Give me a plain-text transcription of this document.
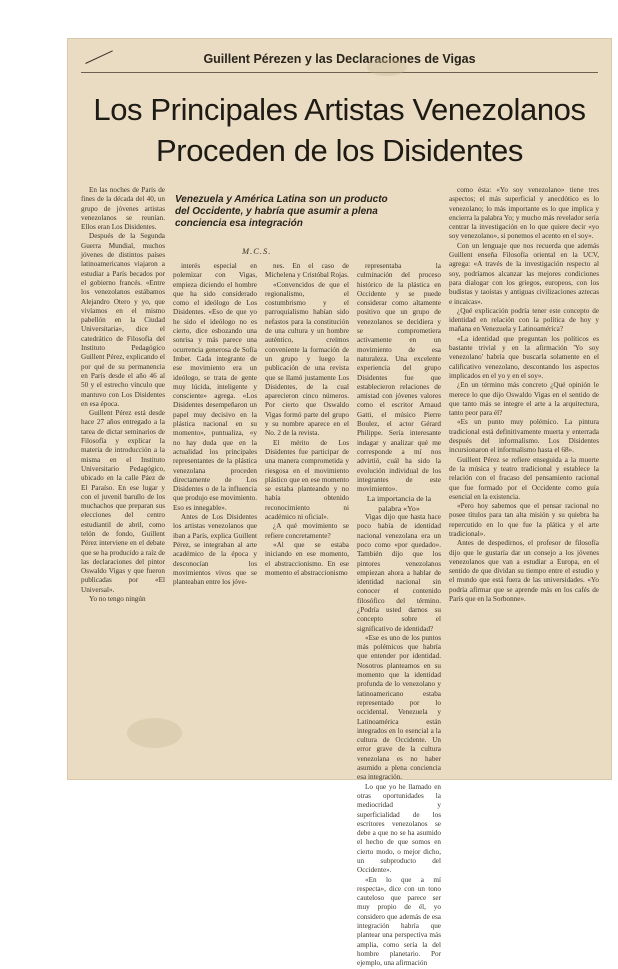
Guillent Pérezen y las Declaraciones de Vigas
Los Principales Artistas Venezolanos
Proceden de los Disidentes
Venezuela y América Latina son un producto del Occidente, y habría que asumir a plena conciencia esa integración
M.C.S.

En las noches de París de fines de la década del 40, un grupo de jóvenes artistas venezolanos se reunían. Ellos eran Los Disidentes.

Después de la Segunda Guerra Mundial, muchos jóvenes de distintos países latinoamericanos viajaron a estudiar a París becados por el gobierno francés. «Entre los venezolanos estábamos Alejandro Otero y yo, que vivíamos en el mismo pabellón en la Ciudad Universitaria», dice el catedrático de Filosofía del Instituto Pedagógico Guillent Pérez, explicando el por qué de su permanencia en París desde el año 46 al 50 y el estrecho vínculo que mantuvo con Los Disidentes en esa época.

Guillent Pérez está desde hace 27 años entregado a la tarea de dictar seminarios de Filosofía y explicar la materia de introducción a la misma en el Instituto Universitario Pedagógico, ubicado en la calle Páez de El Paraíso. En ese lugar y con el juvenil barullo de los muchachos que preparan sus elecciones del centro estudiantil de abril, como telón de fondo, Guillent Pérez interviene en el debate que se ha producido a raíz de las declaraciones del pintor Oswaldo Vigas y que fueron publicadas por «El Universal».

Yo no tengo ningún

interés especial en polemizar con Vigas, empieza diciendo el hombre que ha sido considerado como el ideólogo de Los Disidentes. «Eso de que yo he sido el ideólogo no es cierto, dice esbozando una sonrisa y más parece una ocurrencia generosa de Sofía Imber. Cada integrante de ese movimiento era un ideólogo, se trata de gente muy lúcida, inteligente y consciente» agrega. «Los Disidentes desempeñaron un papel muy decisivo en la plástica nacional en su momento», puntualiza, «y no hay duda que en la actualidad los principales representantes de la plástica venezolana proceden directamente de Los Disidentes o de la influencia que produjo ese movimiento. Eso es innegable».

Antes de Los Disidentes los artistas venezolanos que iban a París, explica Guillent Pérez, se integraban al arte académico de la época y desconocían los movimientos vivos que se planteaban entre los jóve-

nes. En el caso de Michelena y Cristóbal Rojas.

«Convencidos de que el regionalismo, el costumbrismo y el parroquialismo habían sido nefastos para la constitución de una cultura y un hombre auténtico, creímos conveniente la formación de un grupo y luego la publicación de una revista que se llamó justamente Los Disidentes, de la cual aparecieron cinco números. Por cierto que Oswaldo Vigas formó parte del grupo y su nombre aparece en el No. 2 de la revista.

El mérito de Los Disidentes fue participar de una manera comprometida y riesgosa en el movimiento plástico que en ese momento se estaba planteando y no había obtenido reconocimiento ni académico ni oficial».

¿A qué movimiento se refiere concretamente?

«Al que se estaba iniciando en ese momento, el abstraccionismo. En ese momento el abstraccionismo

representaba la culminación del proceso histórico de la plástica en Occidente y se puede considerar como altamente positivo que un grupo de venezolanos se decidiera y se comprometiera activamente en un movimiento de esa naturaleza. Una excelente experiencia del grupo Disidentes fue que establecieron relaciones de amistad con jóvenes valores como el escritor Arnaud Gatti, el músico Pierre Boulez, el actor Gérard Philippe. Sería interesante indagar y analizar qué me corresponde a mí nos advirtió, cuál ha sido la evolución individual de los integrantes de este movimiento».

La importancia de la palabra «Yo»

Vigas dijo que hasta hace poco había de identidad nacional venezolana era un poco como «por quedado». También dijo que los pintores venezolanos empiezan ahora a hablar de identidad nacional sin conocer el contenido filosófico del término. ¿Podría usted darnos su concepto sobre el significativo de identidad?

«Ese es uno de los puntos más polémicos que habría que entender por identidad. Nosotros planteamos en su momento que la identidad profunda de lo venezolano y latinoamericano estaba representado por lo occidental. Venezuela y Latinoamérica están integrados en lo esencial a la cultura de Occidente. Un error grave de la cultura venezolana es no haber asumido a plena conciencia esa integración.

Lo que yo he llamado en otras oportunidades la mediocridad y superficialidad de los escritores venezolanos se debe a que no se ha asumido el hecho de que somos en cierto modo, o mejor dicho, un subproducto del Occidente».

«En lo que a mí respecta», dice con un tono cauteloso que parece ser muy propio de él, yo considero que además de esa integración habría que plantear una perspectiva más amplia, como sería la del hombre planetario. Por ejemplo, una afirmación

como ésta: «Yo soy venezolano» tiene tres aspectos; el más superficial y anecdótico es lo venezolano; lo más importante es lo que implica y encierra la palabra Yo; y mucho más revelador sería centrar la investigación en lo que quiere decir «yo soy venezolano», si ponemos el acento en el soy».

Con un lenguaje que nos recuerda que además Guillent enseña Filosofía oriental en la UCV, agrega: «A través de la investigación respecto al soy, podríamos alcanzar las mejores condiciones para dialogar con los griegos, europeos, con los budistas y taoístas y antiguas civilizaciones aztecas e incaicas».

¿Qué explicación podría tener este concepto de identidad en relación con la política de hoy y mañana en Venezuela y Latinoamérica?

«La identidad que preguntan los políticos es bastante trivial y en la afirmación 'Yo soy venezolano' habría que buscarla solamente en el calificativo venezolano, descontando los aspectos implicados en el yo y en el soy».

¿En un término más concreto ¿Qué opinión le merece lo que dijo Oswaldo Vigas en el sentido de que tanto más se integre el arte a la arquitectura, tanto peor para él?

«Es un punto muy polémico. La pintura tradicional está definitivamente muerta y enterrada después del informalismo. Los Disidentes incursionaron el informalismo hasta el 68».

Guillent Pérez se refiere enseguida a la muerte de la música y teatro tradicional y establece la relación con el fracaso del pensamiento racional que fue formado por el Occidente como guía esencial en la existencia.

«Pero hoy sabemos que el pensar racional no posee títulos para tan alta misión y su quiebra ha repercutido en lo que fue la plática y el arte tradicional».

Antes de despedirnos, el profesor de filosofía dijo que le gustaría dar un consejo a los jóvenes venezolanos que van a estudiar a Europa, en el sentido de que dividan su tiempo entre el estudio y el mundo que está fuera de las universidades. «Yo podría afirmar que se aprende más en los cafés de París que en la Sorbonne».
